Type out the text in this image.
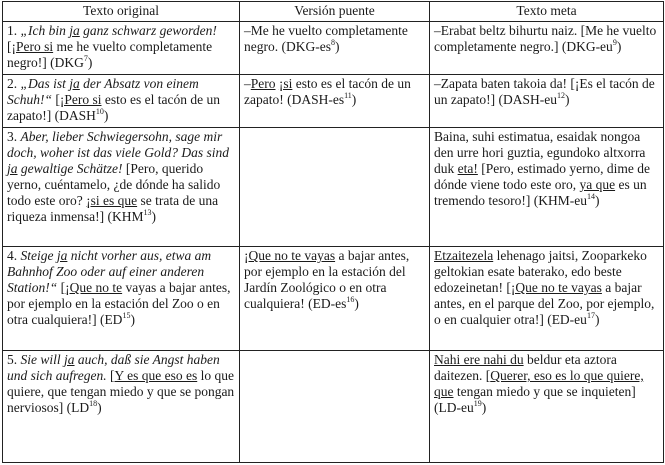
Texto original	Versión puente	Texto meta
1. „Ich bin ja ganz schwarz geworden! [¡Pero si me he vuelto completamente negro!] (DKG$^7$)	–Me he vuelto completamente negro. $(DKG-es^8)$	–Erabat beltz bihurtu naiz. [Me he vuelto completamente negro.] $(DKG-eu^9)$
2. „Das ist ja der Absatz von einem Schuh!“ [¡Pero si esto es el tacón de un zapato!] (DASH$^{10}$)	–Pero ¡si esto es el tacón de un zapato! $(DASH-es^{11})$	–Zapata baten takoia da! [¡Es el tacón de un zapato!] $(DASH-eu^{12})$
3. Aber, lieber Schwiegersohn, sage mir doch, woher ist das viele Gold? Das sind ja gewaltige Schätze! [Pero, querido yerno, cuéntamelo, ¿de dónde ha salido todo este oro? ¡si es que se trata de una riqueza inmensa!] (KHM$^{13}$)		Baina, suhi estimatua, esaidak nongoa den urre hori guztia, egundoko altxorra duk eta! [Pero, estimado yerno, dime de dónde viene todo este oro, ya que es un tremendo tesoro!] $(KHM-eu^{14})$
4. Steige ja nicht vorher aus, etwa am Bahnhof Zoo oder auf einer anderen Station!“ [¡Que no te vayas a bajar antes, por ejemplo en la estación del Zoo o en otra cualquiera!] (ED$^{15}$)	¡Que no te vayas a bajar antes, por ejemplo en la estación del Jardín Zoológico o en otra cualquiera! $(ED-es^{16})$	Etzaitezela lehenago jaitsi, Zooparkeko geltokian esate baterako, edo beste edozeinetan! [¡Que no te vayas a bajar antes, en el parque del Zoo, por ejemplo, o en cualquier otra!] $(ED-eu^{17})$
5. Sie will ja auch, daß sie Angst haben und sich aufregen. [Y es que eso es lo que quiere, que tengan miedo y que se pongan nerviosos] (LD$^{18}$)		Nahi ere nahi du beldur eta aztora daitezen. [Querer, eso es lo que quiere, que tengan miedo y que se inquieten] $(LD-eu^{19})$
